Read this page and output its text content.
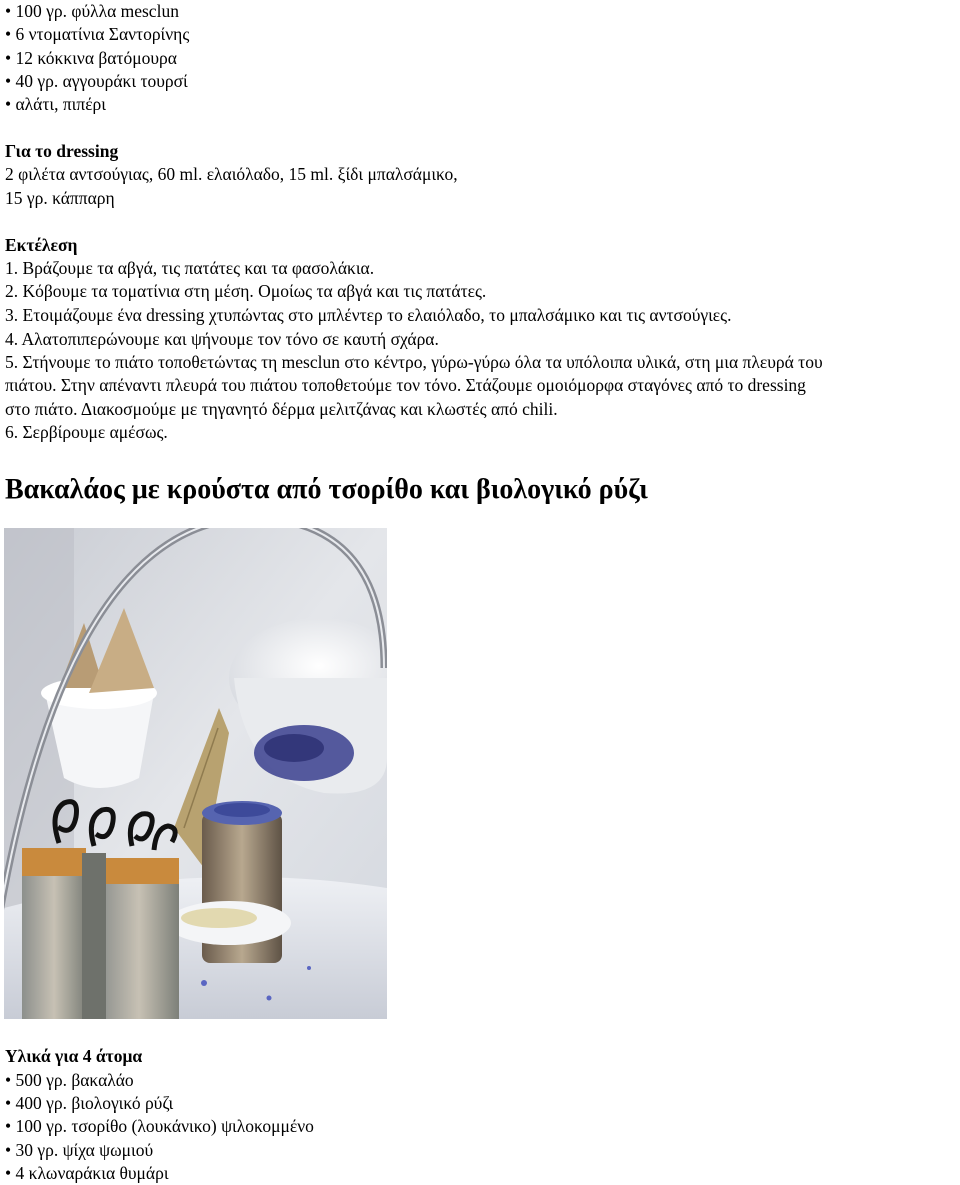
• 100 γρ. φύλλα mesclun

• 6 ντοματίνια Σαντορίνης

• 12 κόκκινα βατόμουρα

• 40 γρ. αγγουράκι τουρσί

• αλάτι, πιπέρι

Για το dressing

2 φιλέτα αντσούγιας, 60 ml. ελαιόλαδο, 15 ml. ξίδι μπαλσάμικο,

15 γρ. κάππαρη

Εκτέλεση

1. Βράζουμε τα αβγά, τις πατάτες και τα φασολάκια.

2. Κόβουμε τα τοματίνια στη μέση. Ομοίως τα αβγά και τις πατάτες.

3. Ετοιμάζουμε ένα dressing χτυπώντας στο μπλέντερ το ελαιόλαδο, το μπαλσάμικο και τις αντσούγιες.

4. Αλατοπιπερώνουμε και ψήνουμε τον τόνο σε καυτή σχάρα.

5. Στήνουμε το πιάτο τοποθετώντας τη mesclun στο κέντρο, γύρω-γύρω όλα τα υπόλοιπα υλικά, στη μια πλευρά του

πιάτου. Στην απέναντι πλευρά του πιάτου τοποθετούμε τον τόνο. Στάζουμε ομοιόμορφα σταγόνες από το dressing

στο πιάτο. Διακοσμούμε με τηγανητό δέρμα μελιτζάνας και κλωστές από chili.

6. Σερβίρουμε αμέσως.

Βακαλάος με κρούστα από τσορίθο και βιολογικό ρύζι

Υλικά για 4 άτομα

• 500 γρ. βακαλάο

• 400 γρ. βιολογικό ρύζι

• 100 γρ. τσορίθο (λουκάνικο) ψιλοκομμένο

• 30 γρ. ψίχα ψωμιού

• 4 κλωναράκια θυμάρι
